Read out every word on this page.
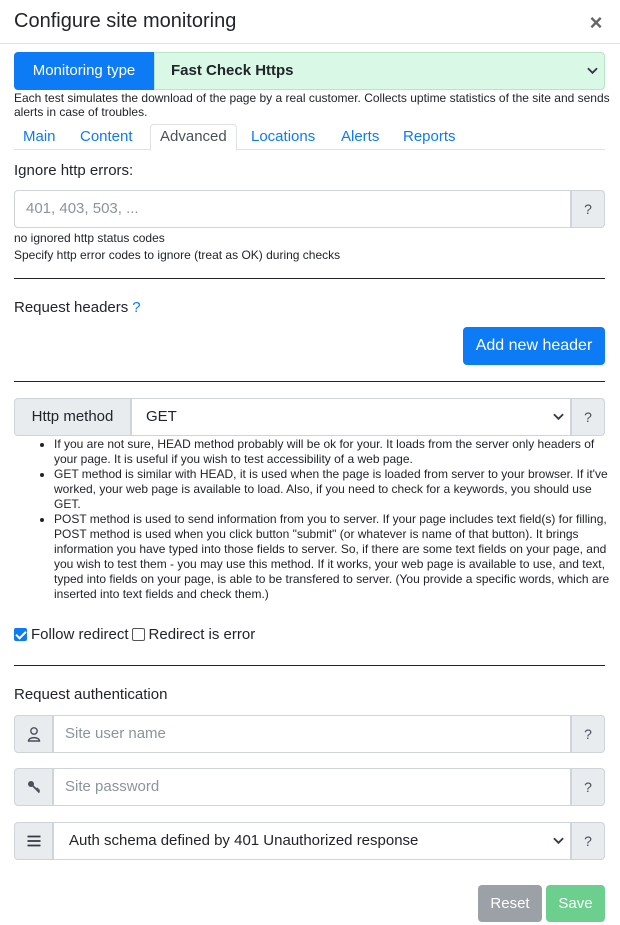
Configure site monitoring	×
Monitoring type	Fast Check Https
Each test simulates the download of the page by a real customer. Collects uptime statistics of the site and sends alerts in case of troubles.
Main Content	Advanced	Locations Alerts Reports
Ignore http errors:
401, 403, 503, ...	?
no ignored http status codes
Specify http error codes to ignore (treat as OK) during checks
Request headers ?
Add new header
Http method	GET	?
• If you are not sure, HEAD method probably will be ok for your. It loads from the server only headers of your page. It is useful if you wish to test accessibility of a web page.
• GET method is similar with HEAD, it is used when the page is loaded from server to your browser. If it've worked, your web page is available to load. Also, if you need to check for a keywords, you should use GET.
• POST method is used to send information from you to server. If your page includes text field(s) for filling, POST method is used when you click button "submit" (or whatever is name of that button). It brings information you have typed into those fields to server. So, if there are some text fields on your page, and you wish to test them - you may use this method. If it works, your web page is available to use, and text, typed into fields on your page, is able to be transfered to server. (You provide a specific words, which are inserted into text fields and check them.)
Follow redirect Redirect is error
Request authentication
Site user name	?
Site password	?
Auth schema defined by 401 Unauthorized response	?
Reset	Save
